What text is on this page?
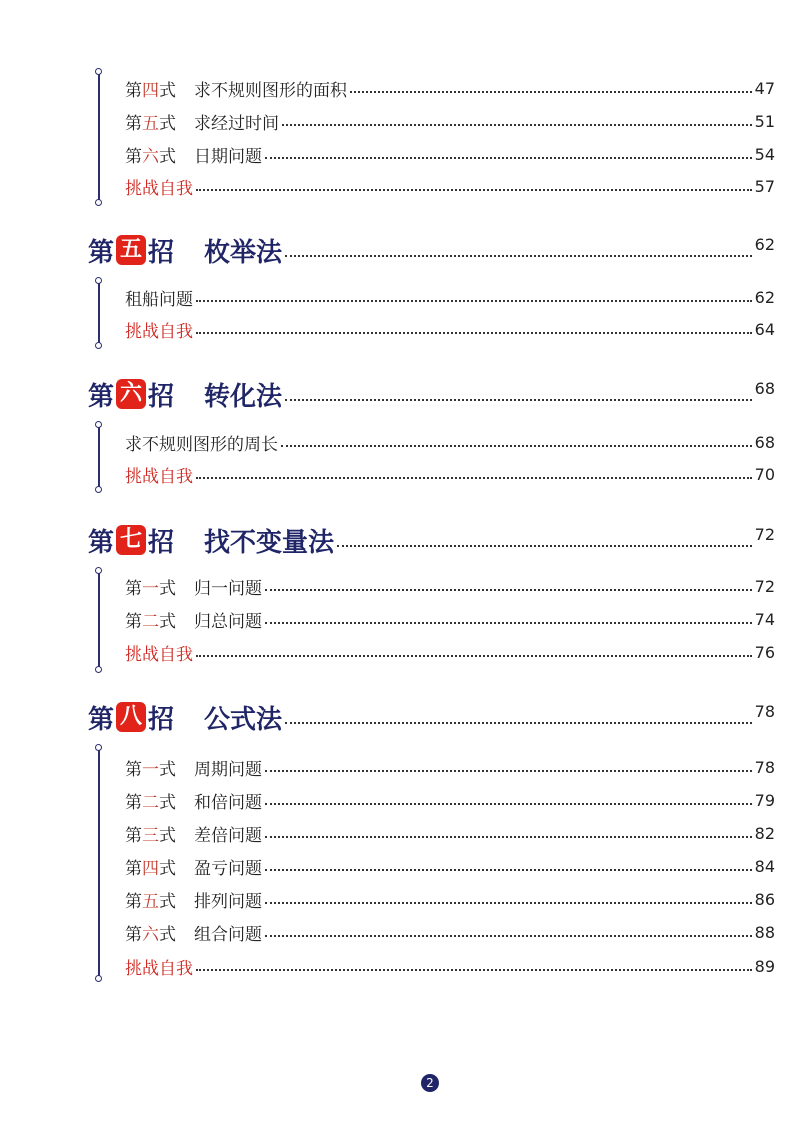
第四式 求不规则图形的面积	47
第五式 求经过时间	51
第六式 日期问题	54
挑战自我	57
第 五 招 枚举法	62
租船问题	62
挑战自我	64
第 六 招 转化法	68
求不规则图形的周长	68
挑战自我	70
第 七 招 找不变量法	72
第一式 归一问题	72
第二式 归总问题	74
挑战自我	76
第 八 招 公式法	78
第一式 周期问题	78
第二式 和倍问题	79
第三式 差倍问题	82
第四式 盈亏问题	84
第五式 排列问题	86
第六式 组合问题	88
挑战自我	89
2
